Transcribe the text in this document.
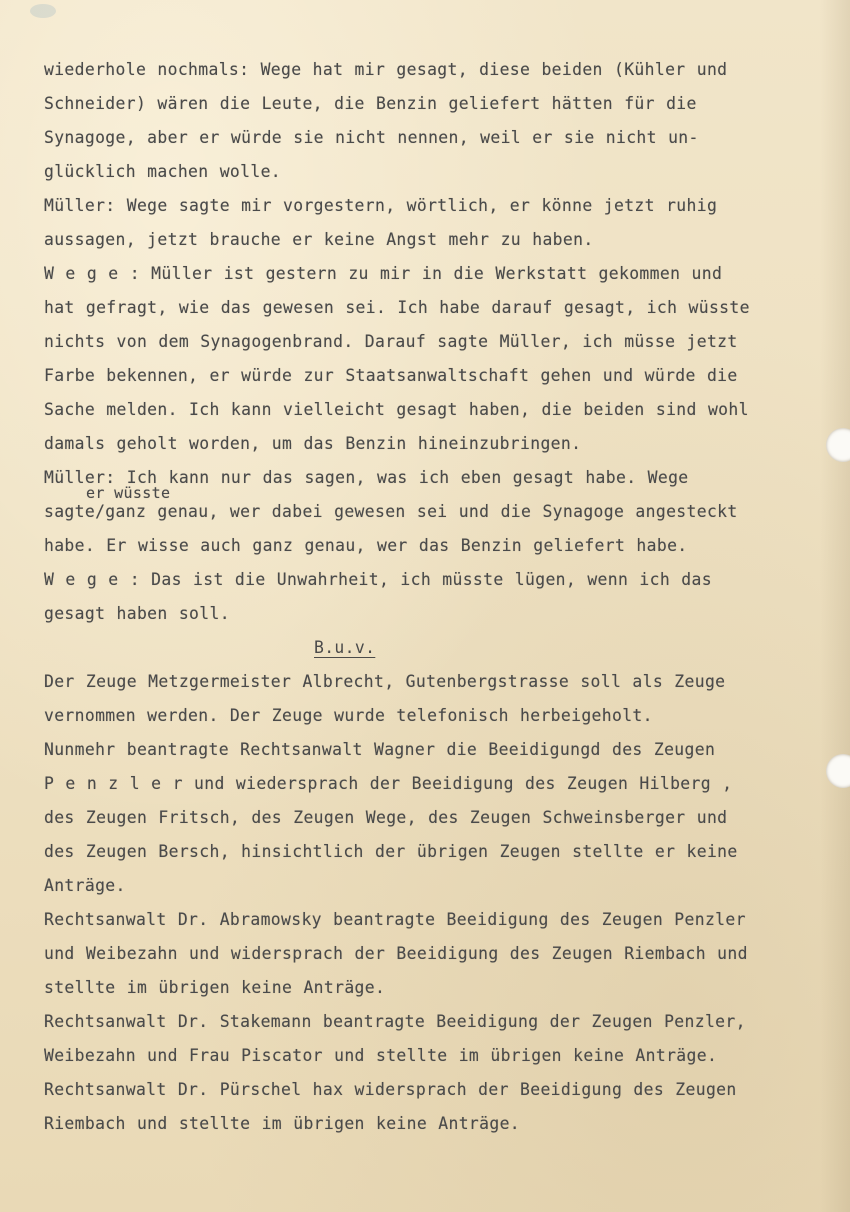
er wüsste
wiederhole nochmals: Wege hat mir gesagt, diese beiden (Kühler und
Schneider) wären die Leute, die Benzin geliefert hätten für die
Synagoge, aber er würde sie nicht nennen, weil er sie nicht un-
glücklich machen wolle.
Müller: Wege sagte mir vorgestern, wörtlich, er könne jetzt ruhig
aussagen, jetzt brauche er keine Angst mehr zu haben.
W e g e : Müller ist gestern zu mir in die Werkstatt gekommen und
hat gefragt, wie das gewesen sei. Ich habe darauf gesagt, ich wüsste
nichts von dem Synagogenbrand. Darauf sagte Müller, ich müsse jetzt
Farbe bekennen, er würde zur Staatsanwaltschaft gehen und würde die
Sache melden. Ich kann vielleicht gesagt haben, die beiden sind wohl
damals geholt worden, um das Benzin hineinzubringen.
Müller: Ich kann nur das sagen, was ich eben gesagt habe. Wege
sagte/ganz genau, wer dabei gewesen sei und die Synagoge angesteckt
habe. Er wisse auch ganz genau, wer das Benzin geliefert habe.
W e g e : Das ist die Unwahrheit, ich müsste lügen, wenn ich das
gesagt haben soll.
B.u.v.
Der Zeuge Metzgermeister Albrecht, Gutenbergstrasse soll als Zeuge
vernommen werden. Der Zeuge wurde telefonisch herbeigeholt.
Nunmehr beantragte Rechtsanwalt Wagner die Beeidigungd des Zeugen
P e n z l e r und wiedersprach der Beeidigung des Zeugen Hilberg ,
des Zeugen Fritsch, des Zeugen Wege, des Zeugen Schweinsberger und
des Zeugen Bersch, hinsichtlich der übrigen Zeugen stellte er keine
Anträge.
Rechtsanwalt Dr. Abramowsky beantragte Beeidigung des Zeugen Penzler
und Weibezahn und widersprach der Beeidigung des Zeugen Riembach und
stellte im übrigen keine Anträge.
Rechtsanwalt Dr. Stakemann beantragte Beeidigung der Zeugen Penzler,
Weibezahn und Frau Piscator und stellte im übrigen keine Anträge.
Rechtsanwalt Dr. Pürschel hax widersprach der Beeidigung des Zeugen
Riembach und stellte im übrigen keine Anträge.
